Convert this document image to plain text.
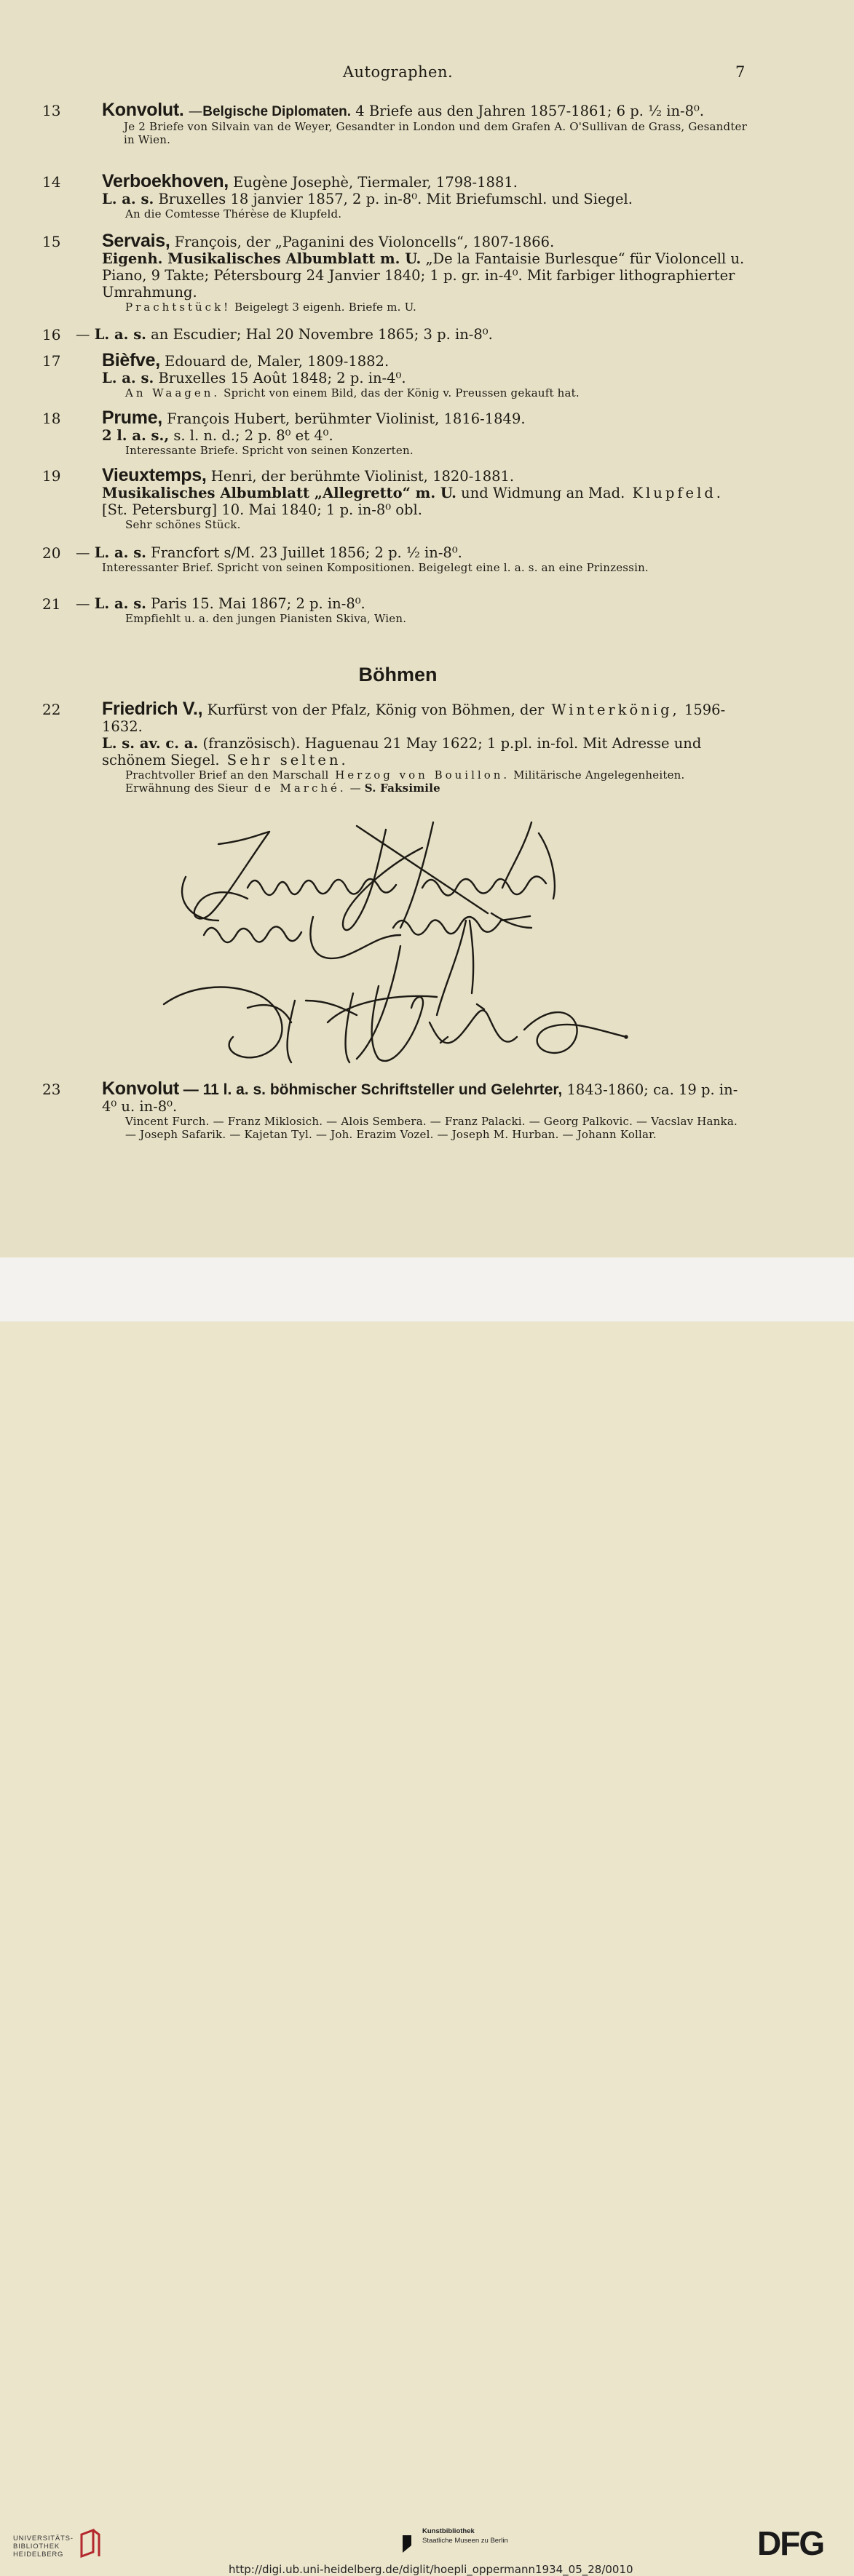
Autographen.	7
13	Konvolut. —Belgische Diplomaten. 4 Briefe aus den Jahren 1857-1861; 6 p. ½ in-8⁰.
Je 2 Briefe von Silvain van de Weyer, Gesandter in London und dem Grafen A. O'Sullivan de Grass, Gesandter in Wien.
14	Verboekhoven, Eugène Josephè, Tiermaler, 1798-1881.
L. a. s. Bruxelles 18 janvier 1857, 2 p. in-8⁰. Mit Briefumschl. und Siegel.
An die Comtesse Thérèse de Klupfeld.
15	Servais, François, der „Paganini des Violoncells“, 1807-1866.
Eigenh. Musikalisches Albumblatt m. U. „De la Fantaisie Burlesque“ für Violoncell u. Piano, 9 Takte; Pétersbourg 24 Janvier 1840; 1 p. gr. in-4⁰. Mit farbiger lithographierter Umrahmung.
Prachtstück! Beigelegt 3 eigenh. Briefe m. U.
16	— L. a. s. an Escudier; Hal 20 Novembre 1865; 3 p. in-8⁰.
17	Bièfve, Edouard de, Maler, 1809-1882.
L. a. s. Bruxelles 15 Août 1848; 2 p. in-4⁰.
An Waagen. Spricht von einem Bild, das der König v. Preussen gekauft hat.
18	Prume, François Hubert, berühmter Violinist, 1816-1849.
2 l. a. s., s. l. n. d.; 2 p. 8⁰ et 4⁰.
Interessante Briefe. Spricht von seinen Konzerten.
19	Vieuxtemps, Henri, der berühmte Violinist, 1820-1881.
Musikalisches Albumblatt „Allegretto“ m. U. und Widmung an Mad. Klupfeld. [St. Petersburg] 10. Mai 1840; 1 p. in-8⁰ obl.
Sehr schönes Stück.
20	— L. a. s. Francfort s/M. 23 Juillet 1856; 2 p. ½ in-8⁰.
Interessanter Brief. Spricht von seinen Kompositionen. Beigelegt eine l. a. s. an eine Prinzessin.
21	— L. a. s. Paris 15. Mai 1867; 2 p. in-8⁰.
Empfiehlt u. a. den jungen Pianisten Skiva, Wien.
Böhmen
22	Friedrich V., Kurfürst von der Pfalz, König von Böhmen, der Winterkönig, 1596-1632.
L. s. av. c. a. (französisch). Haguenau 21 May 1622; 1 p.pl. in-fol. Mit Adresse und schönem Siegel. Sehr selten.
Prachtvoller Brief an den Marschall Herzog von Bouillon. Militärische Angelegenheiten. Erwähnung des Sieur de Marché. — S. Faksimile
23	Konvolut — 11 l. a. s. böhmischer Schriftsteller und Gelehrter, 1843-1860; ca. 19 p. in-4⁰ u. in-8⁰.
Vincent Furch. — Franz Miklosich. — Alois Sembera. — Franz Palacki. — Georg Palkovic. — Vacslav Hanka. — Joseph Safarik. — Kajetan Tyl. — Joh. Erazim Vozel. — Joseph M. Hurban. — Johann Kollar.
UNIVERSITÄTS-
BIBLIOTHEK
HEIDELBERG
Kunstbibliothek
Staatliche Museen zu Berlin	DFG
http://digi.ub.uni-heidelberg.de/diglit/hoepli_oppermann1934_05_28/0010
